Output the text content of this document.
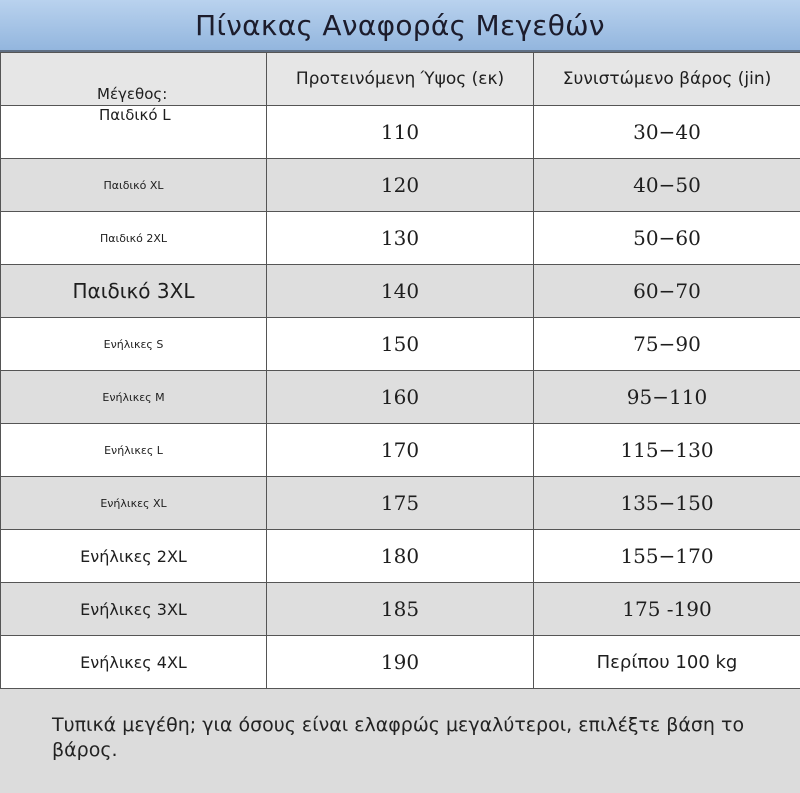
Πίνακας Αναφοράς Μεγεθών
Μέγεθος:	Προτεινόμενη Ύψος (εκ)	Συνιστώμενο βάρος (jin)
Παιδικό L	110	30−40
Παιδικό XL	120	40−50
Παιδικό 2XL	130	50−60
Παιδικό 3XL	140	60−70
Ενήλικες S	150	75−90
Ενήλικες M	160	95−110
Ενήλικες L	170	115−130
Ενήλικες XL	175	135−150
Ενήλικες 2XL	180	155−170
Ενήλικες 3XL	185	175 -190
Ενήλικες 4XL	190	Περίπου 100 kg
Τυπικά μεγέθη; για όσους είναι ελαφρώς μεγαλύτεροι, επιλέξτε βάση το βάρος.
